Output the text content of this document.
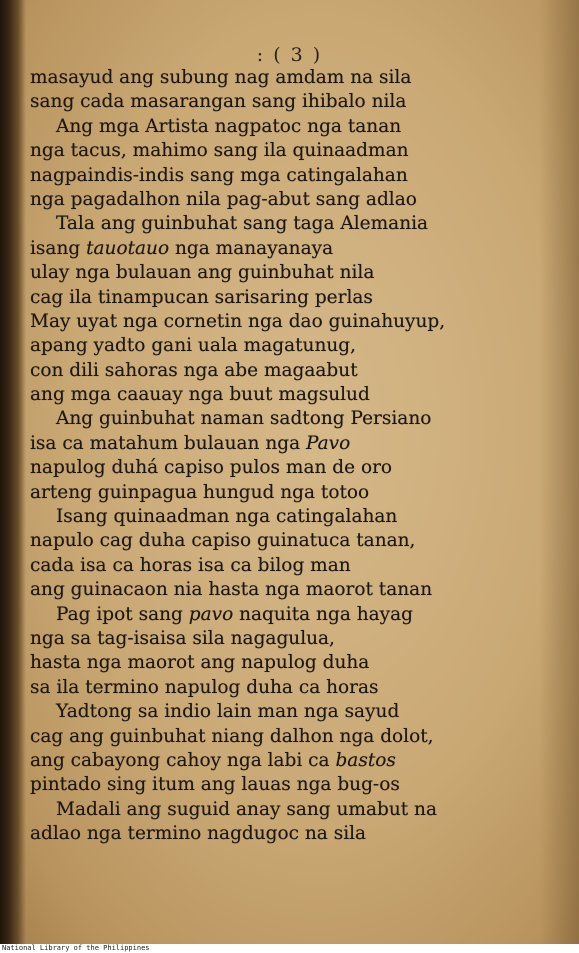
: ( 3 )
masayud ang subung nag amdam na sila
sang cada masarangan sang ihibalo nila
Ang mga Artista nagpatoc nga tanan
nga tacus, mahimo sang ila quinaadman
nagpaindis-indis sang mga catingalahan
nga pagadalhon nila pag-abut sang adlao
Tala ang guinbuhat sang taga Alemania
isang tauotauo nga manayanaya
ulay nga bulauan ang guinbuhat nila
cag ila tinampucan sarisaring perlas
May uyat nga cornetin nga dao guinahuyup,
apang yadto gani uala magatunug,
con dili sahoras nga abe magaabut
ang mga caauay nga buut magsulud
Ang guinbuhat naman sadtong Persiano
isa ca matahum bulauan nga Pavo
napulog duhá capiso pulos man de oro
arteng guinpagua hungud nga totoo
Isang quinaadman nga catingalahan
napulo cag duha capiso guinatuca tanan,
cada isa ca horas isa ca bilog man
ang guinacaon nia hasta nga maorot tanan
Pag ipot sang pavo naquita nga hayag
nga sa tag-isaisa sila nagagulua,
hasta nga maorot ang napulog duha
sa ila termino napulog duha ca horas
Yadtong sa indio lain man nga sayud
cag ang guinbuhat niang dalhon nga dolot,
ang cabayong cahoy nga labi ca bastos
pintado sing itum ang lauas nga bug-os
Madali ang suguid anay sang umabut na
adlao nga termino nagdugoc na sila
National Library of the Philippines
